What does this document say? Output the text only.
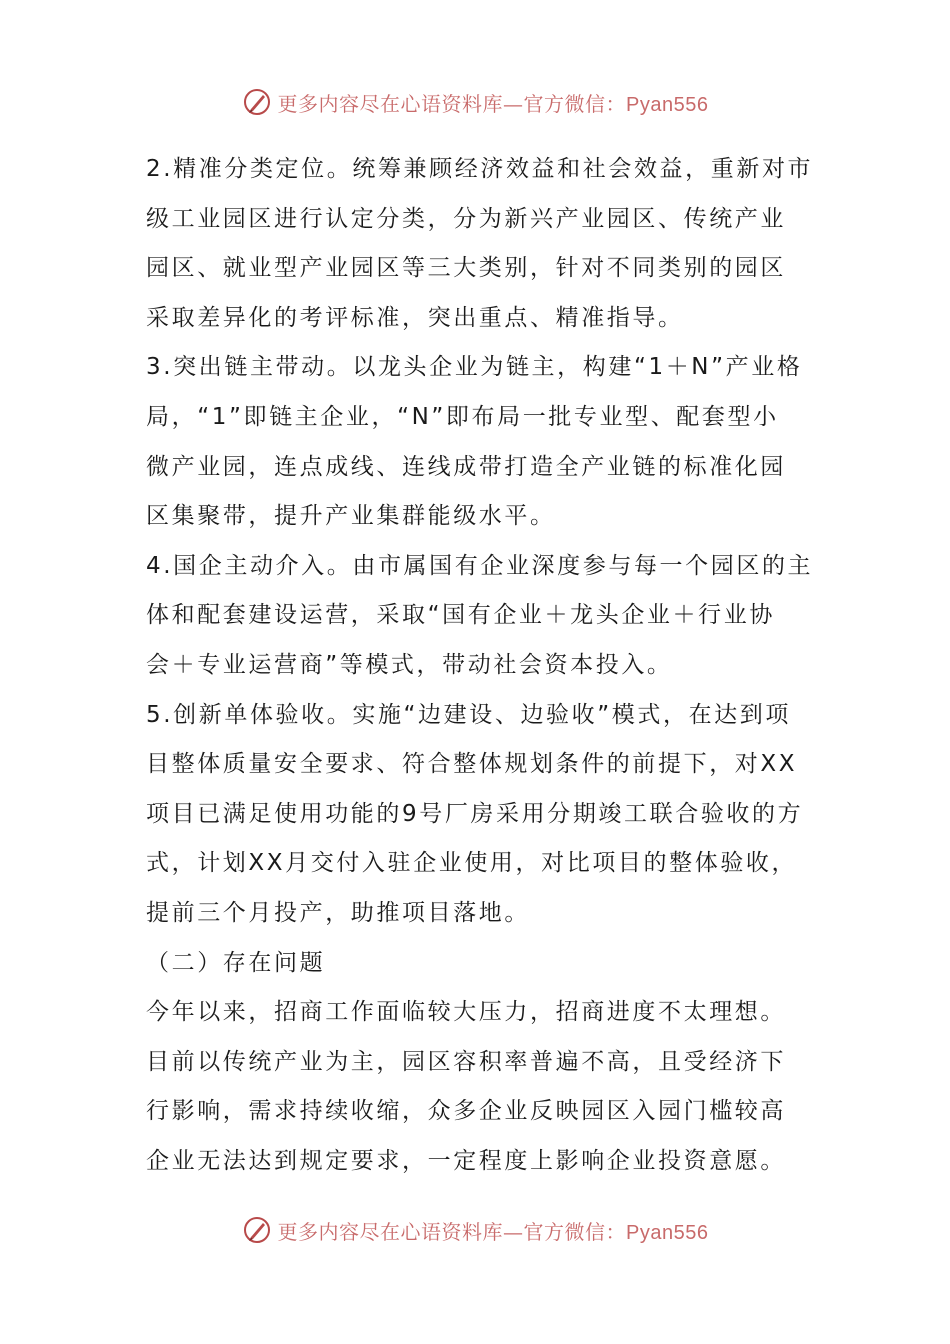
更多内容尽在心语资料库—官方微信：Pyan556
2.精准分类定位。统筹兼顾经济效益和社会效益，重新对市
级工业园区进行认定分类，分为新兴产业园区、传统产业
园区、就业型产业园区等三大类别，针对不同类别的园区
采取差异化的考评标准，突出重点、精准指导。
3.突出链主带动。以龙头企业为链主，构建“1＋N”产业格
局，“1”即链主企业，“N”即布局一批专业型、配套型小
微产业园，连点成线、连线成带打造全产业链的标准化园
区集聚带，提升产业集群能级水平。
4.国企主动介入。由市属国有企业深度参与每一个园区的主
体和配套建设运营，采取“国有企业＋龙头企业＋行业协
会＋专业运营商”等模式，带动社会资本投入。
5.创新单体验收。实施“边建设、边验收”模式，在达到项
目整体质量安全要求、符合整体规划条件的前提下，对XX
项目已满足使用功能的9号厂房采用分期竣工联合验收的方
式，计划XX月交付入驻企业使用，对比项目的整体验收，
提前三个月投产，助推项目落地。
（二）存在问题
今年以来，招商工作面临较大压力，招商进度不太理想。
目前以传统产业为主，园区容积率普遍不高，且受经济下
行影响，需求持续收缩，众多企业反映园区入园门槛较高
企业无法达到规定要求，一定程度上影响企业投资意愿。
更多内容尽在心语资料库—官方微信：Pyan556
